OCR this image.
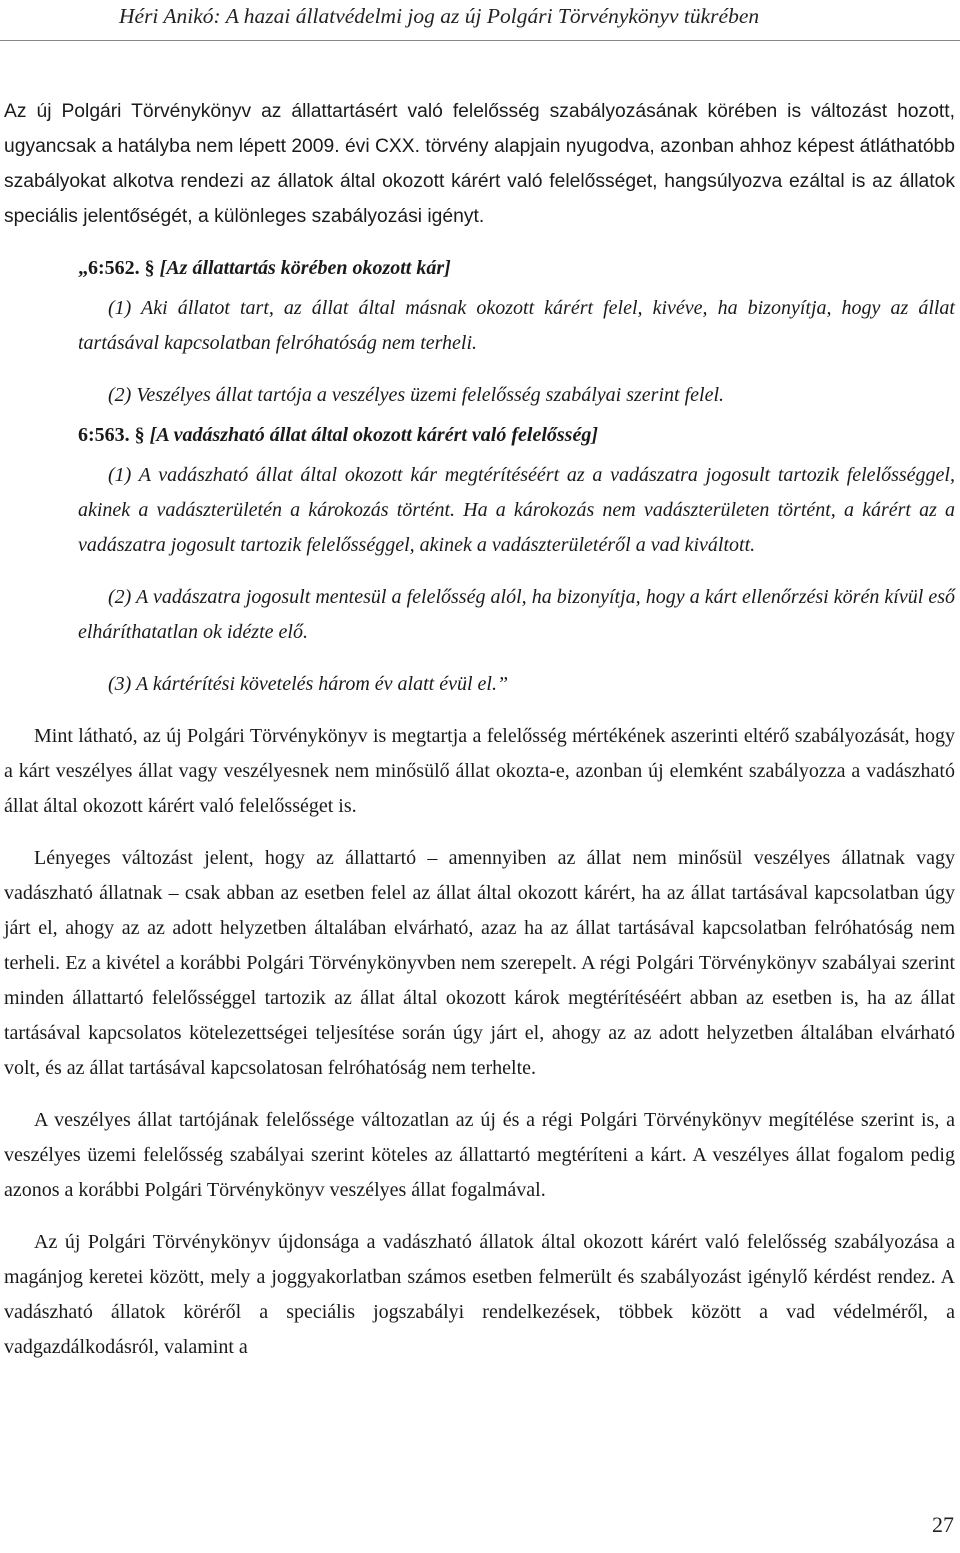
Héri Anikó: A hazai állatvédelmi jog az új Polgári Törvénykönyv tükrében

Az új Polgári Törvénykönyv az állattartásért való felelősség szabályozásának körében is változást hozott, ugyancsak a hatályba nem lépett 2009. évi CXX. törvény alapjain nyugodva, azonban ahhoz képest átláthatóbb szabályokat alkotva rendezi az állatok által okozott kárért való felelősséget, hangsúlyozva ezáltal is az állatok speciális jelentőségét, a különleges szabályozási igényt.

„6:562. § [Az állattartás körében okozott kár]

(1) Aki állatot tart, az állat által másnak okozott kárért felel, kivéve, ha bizonyítja, hogy az állat tartásával kapcsolatban felróhatóság nem terheli.

(2) Veszélyes állat tartója a veszélyes üzemi felelősség szabályai szerint felel.

6:563. § [A vadászható állat által okozott kárért való felelősség]

(1) A vadászható állat által okozott kár megtérítéséért az a vadászatra jogosult tartozik felelősséggel, akinek a vadászterületén a károkozás történt. Ha a károkozás nem vadászterületen történt, a kárért az a vadászatra jogosult tartozik felelősséggel, akinek a vadászterületéről a vad kiváltott.

(2) A vadászatra jogosult mentesül a felelősség alól, ha bizonyítja, hogy a kárt ellenőrzési körén kívül eső elháríthatatlan ok idézte elő.

(3) A kártérítési követelés három év alatt évül el.”

Mint látható, az új Polgári Törvénykönyv is megtartja a felelősség mértékének aszerinti eltérő szabályozását, hogy a kárt veszélyes állat vagy veszélyesnek nem minősülő állat okozta-e, azonban új elemként szabályozza a vadászható állat által okozott kárért való felelősséget is.

Lényeges változást jelent, hogy az állattartó – amennyiben az állat nem minősül veszélyes állatnak vagy vadászható állatnak – csak abban az esetben felel az állat által okozott kárért, ha az állat tartásával kapcsolatban úgy járt el, ahogy az az adott helyzetben általában elvárható, azaz ha az állat tartásával kapcsolatban felróhatóság nem terheli. Ez a kivétel a korábbi Polgári Törvénykönyvben nem szerepelt. A régi Polgári Törvénykönyv szabályai szerint minden állattartó felelősséggel tartozik az állat által okozott károk megtérítéséért abban az esetben is, ha az állat tartásával kapcsolatos kötelezettségei teljesítése során úgy járt el, ahogy az az adott helyzetben általában elvárható volt, és az állat tartásával kapcsolatosan felróhatóság nem terhelte.

A veszélyes állat tartójának felelőssége változatlan az új és a régi Polgári Törvénykönyv megítélése szerint is, a veszélyes üzemi felelősség szabályai szerint köteles az állattartó megtéríteni a kárt. A veszélyes állat fogalom pedig azonos a korábbi Polgári Törvénykönyv veszélyes állat fogalmával.

Az új Polgári Törvénykönyv újdonsága a vadászható állatok által okozott kárért való felelősség szabályozása a magánjog keretei között, mely a joggyakorlatban számos esetben felmerült és szabályozást igénylő kérdést rendez. A vadászható állatok köréről a speciális jogszabályi rendelkezések, többek között a vad védelméről, a vadgazdálkodásról, valamint a

27
